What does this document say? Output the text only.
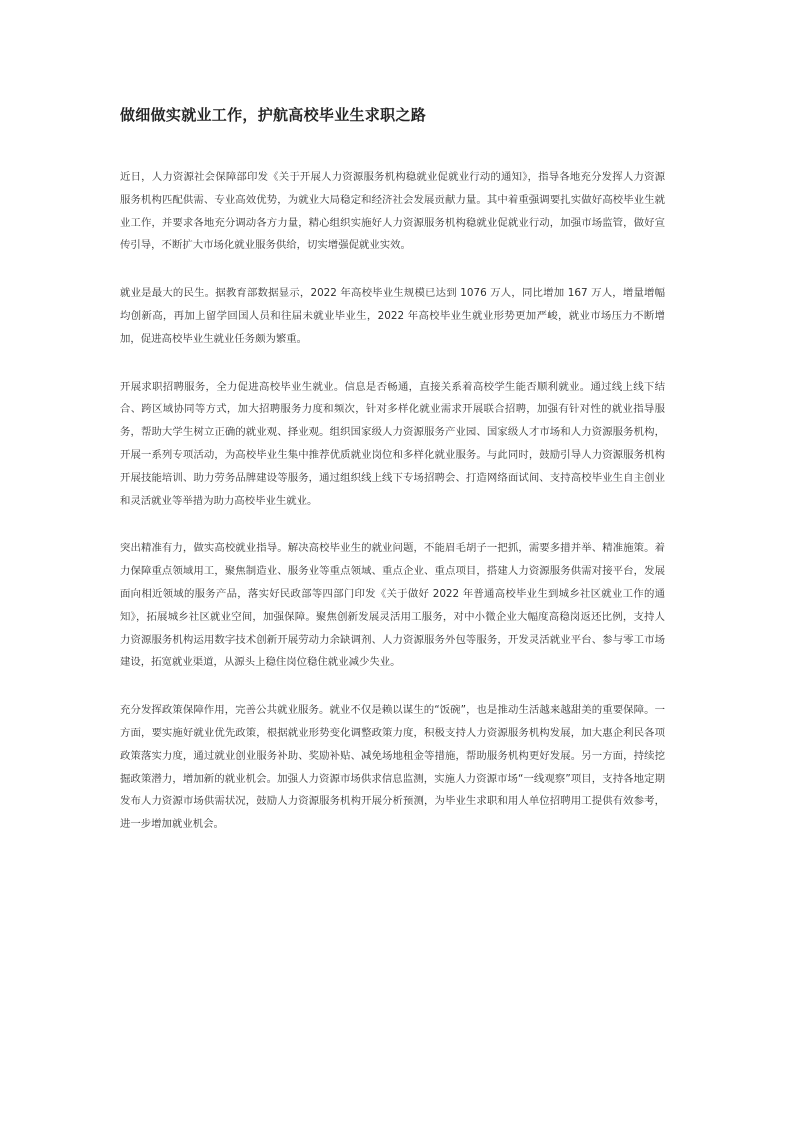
做细做实就业工作，护航高校毕业生求职之路

近日，人力资源社会保障部印发《关于开展人力资源服务机构稳就业促就业行动的通知》，指导各地充分发挥人力资源服务机构匹配供需、专业高效优势，为就业大局稳定和经济社会发展贡献力量。其中着重强调要扎实做好高校毕业生就业工作，并要求各地充分调动各方力量，精心组织实施好人力资源服务机构稳就业促就业行动，加强市场监管，做好宣传引导，不断扩大市场化就业服务供给，切实增强促就业实效。

就业是最大的民生。据教育部数据显示，2022 年高校毕业生规模已达到 1076 万人，同比增加 167 万人，增量增幅均创新高，再加上留学回国人员和往届未就业毕业生，2022 年高校毕业生就业形势更加严峻，就业市场压力不断增加，促进高校毕业生就业任务颇为繁重。

开展求职招聘服务，全力促进高校毕业生就业。信息是否畅通，直接关系着高校学生能否顺利就业。通过线上线下结合、跨区域协同等方式，加大招聘服务力度和频次，针对多样化就业需求开展联合招聘，加强有针对性的就业指导服务，帮助大学生树立正确的就业观、择业观。组织国家级人力资源服务产业园、国家级人才市场和人力资源服务机构，开展一系列专项活动，为高校毕业生集中推荐优质就业岗位和多样化就业服务。与此同时，鼓励引导人力资源服务机构开展技能培训、助力劳务品牌建设等服务，通过组织线上线下专场招聘会、打造网络面试间、支持高校毕业生自主创业和灵活就业等举措为助力高校毕业生就业。

突出精准有力，做实高校就业指导。解决高校毕业生的就业问题，不能眉毛胡子一把抓，需要多措并举、精准施策。着力保障重点领域用工，聚焦制造业、服务业等重点领域、重点企业、重点项目，搭建人力资源服务供需对接平台，发展面向相近领域的服务产品，落实好民政部等四部门印发《关于做好 2022 年普通高校毕业生到城乡社区就业工作的通知》，拓展城乡社区就业空间，加强保障。聚焦创新发展灵活用工服务，对中小微企业大幅度高稳岗返还比例，支持人力资源服务机构运用数字技术创新开展劳动力余缺调剂、人力资源服务外包等服务，开发灵活就业平台、参与零工市场建设，拓宽就业渠道，从源头上稳住岗位稳住就业减少失业。

充分发挥政策保障作用，完善公共就业服务。就业不仅是赖以谋生的“饭碗”，也是推动生活越来越甜美的重要保障。一方面，要实施好就业优先政策，根据就业形势变化调整政策力度，积极支持人力资源服务机构发展，加大惠企利民各项政策落实力度，通过就业创业服务补助、奖励补贴、减免场地租金等措施，帮助服务机构更好发展。另一方面，持续挖掘政策潜力，增加新的就业机会。加强人力资源市场供求信息监测，实施人力资源市场“一线观察”项目，支持各地定期发布人力资源市场供需状况，鼓励人力资源服务机构开展分析预测，为毕业生求职和用人单位招聘用工提供有效参考，进一步增加就业机会。
